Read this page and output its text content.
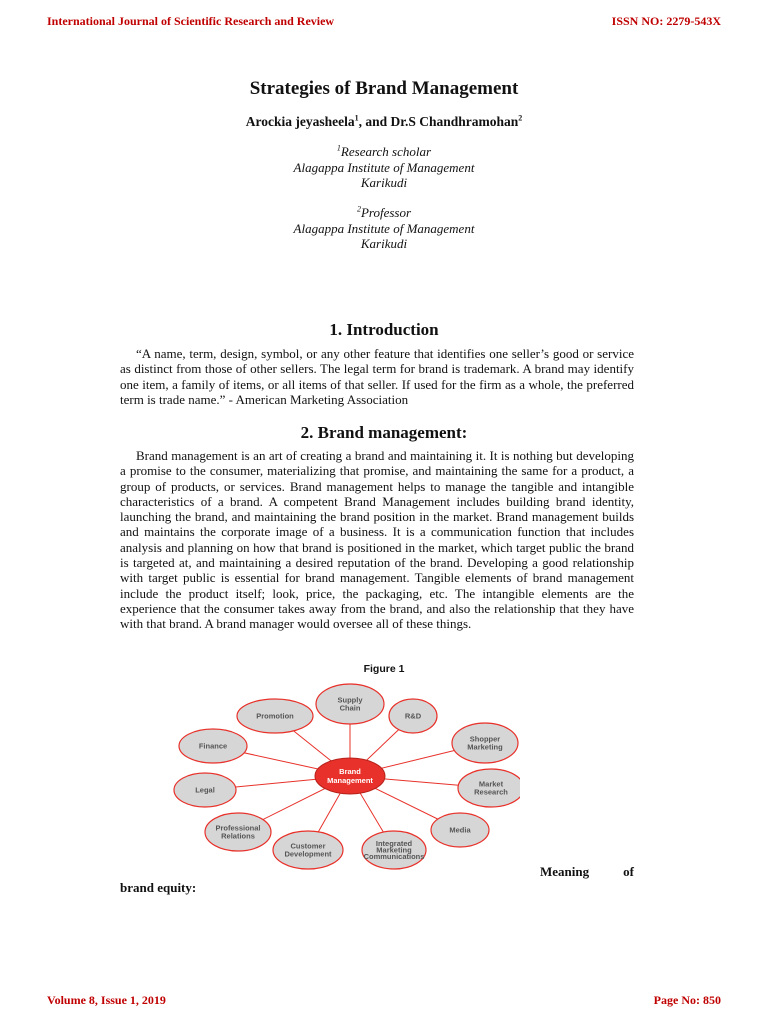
International Journal of Scientific Research and Review	ISSN NO: 2279-543X
Strategies of Brand Management
Arockia jeyasheela$^1$, and Dr.S Chandhramohan$^2$
$^1$Research scholar
Alagappa Institute of Management
Karikudi
$^2$Professor
Alagappa Institute of Management
Karikudi
1. Introduction
“A name, term, design, symbol, or any other feature that identifies one seller’s good or service as distinct from those of other sellers. The legal term for brand is trademark. A brand may identify one item, a family of items, or all items of that seller. If used for the firm as a whole, the preferred term is trade name.” - American Marketing Association
2. Brand management:
Brand management is an art of creating a brand and maintaining it. It is nothing but developing a promise to the consumer, materializing that promise, and maintaining the same for a product, a group of products, or services. Brand management helps to manage the tangible and intangible characteristics of a brand. A competent Brand Management includes building brand identity, launching the brand, and maintaining the brand position in the market. Brand management builds and maintains the corporate image of a business. It is a communication function that includes analysis and planning on how that brand is positioned in the market, which target public the brand is targeted at, and maintaining a desired reputation of the brand. Developing a good relationship with target public is essential for brand management. Tangible elements of brand management include the product itself; look, price, the packaging, etc. The intangible elements are the experience that the consumer takes away from the brand, and also the relationship that they have with that brand. A brand manager would oversee all of these things.
Figure 1
Supply
Chain
R&D
Shopper
Marketing
Market
Research
Media
Integrated
Marketing
Communications
Customer
Development
Professional
Relations
Legal
Finance
Promotion
Brand
Management
Meaning	of
brand equity:
Volume 8, Issue 1, 2019	Page No: 850
